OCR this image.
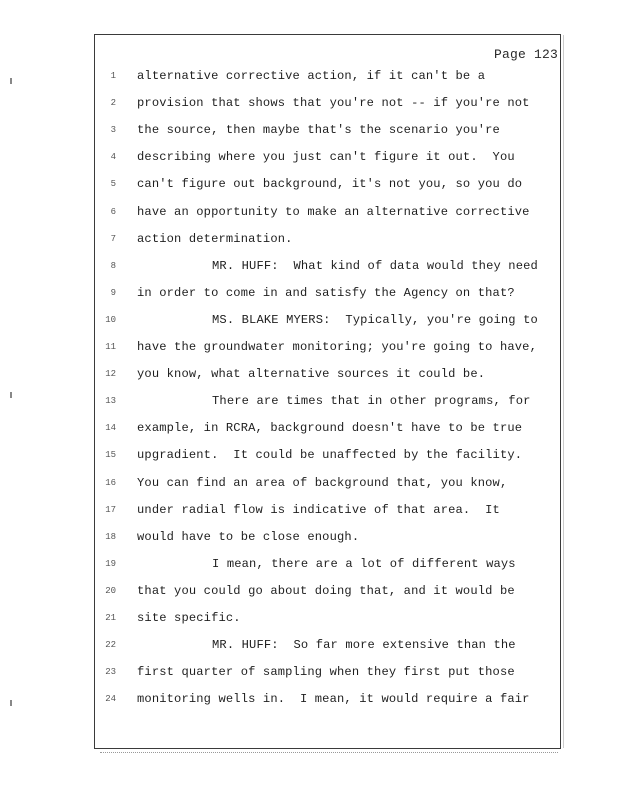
Page 123
1 alternative corrective action, if it can't be a
2 provision that shows that you're not -- if you're not
3 the source, then maybe that's the scenario you're
4 describing where you just can't figure it out.  You
5 can't figure out background, it's not you, so you do
6 have an opportunity to make an alternative corrective
7 action determination.
8	MR. HUFF:  What kind of data would they need
9 in order to come in and satisfy the Agency on that?
10	MS. BLAKE MYERS:  Typically, you're going to
11 have the groundwater monitoring; you're going to have,
12 you know, what alternative sources it could be.
13	There are times that in other programs, for
14 example, in RCRA, background doesn't have to be true
15 upgradient.  It could be unaffected by the facility.
16 You can find an area of background that, you know,
17 under radial flow is indicative of that area.  It
18 would have to be close enough.
19	I mean, there are a lot of different ways
20 that you could go about doing that, and it would be
21 site specific.
22	MR. HUFF:  So far more extensive than the
23 first quarter of sampling when they first put those
24 monitoring wells in.  I mean, it would require a fair
